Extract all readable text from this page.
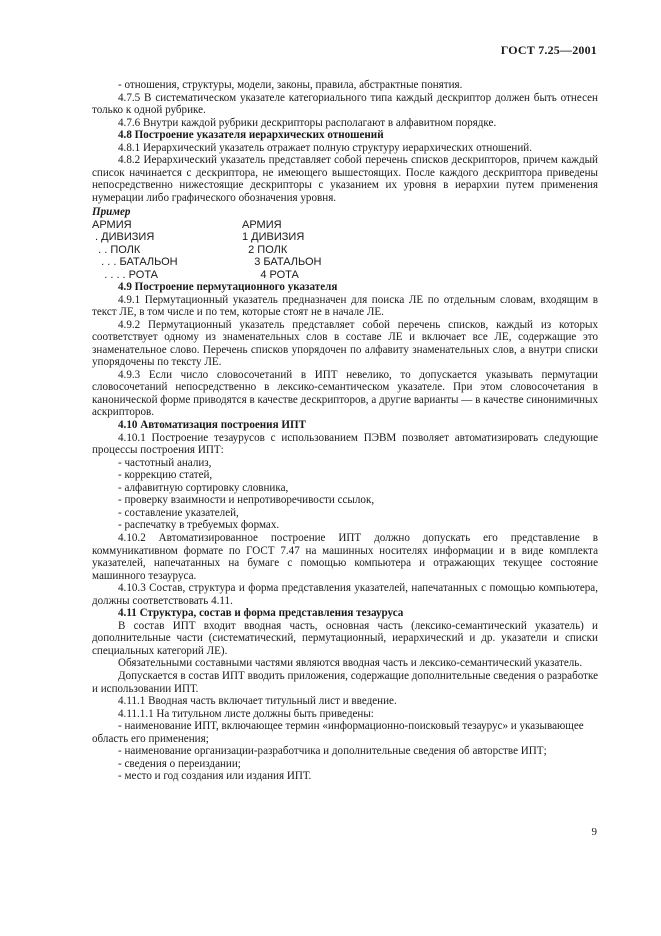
ГОСТ 7.25—2001

- отношения, структуры, модели, законы, правила, абстрактные понятия.

4.7.5 В систематическом указателе категориального типа каждый дескриптор должен быть отнесен только к одной рубрике.

4.7.6 Внутри каждой рубрики дескрипторы располагают в алфавитном порядке.

4.8 Построение указателя иерархических отношений

4.8.1 Иерархический указатель отражает полную структуру иерархических отношений.

4.8.2 Иерархический указатель представляет собой перечень списков дескрипторов, причем каждый список начинается с дескриптора, не имеющего вышестоящих. После каждого дескриптора приведены непосредственно нижестоящие дескрипторы с указанием их уровня в иерархии путем применения нумерации либо графического обозначения уровня.

Пример

АРМИЯ
. ДИВИЗИЯ
. . ПОЛК
. . . БАТАЛЬОН
. . . . РОТА
АРМИЯ
1 ДИВИЗИЯ
2 ПОЛК
3 БАТАЛЬОН
4 РОТА

4.9 Построение пермутационного указателя

4.9.1 Пермутационный указатель предназначен для поиска ЛЕ по отдельным словам, входящим в текст ЛЕ, в том числе и по тем, которые стоят не в начале ЛЕ.

4.9.2 Пермутационный указатель представляет собой перечень списков, каждый из которых соответствует одному из знаменательных слов в составе ЛЕ и включает все ЛЕ, содержащие это знаменательное слово. Перечень списков упорядочен по алфавиту знаменательных слов, а внутри списки упорядочены по тексту ЛЕ.

4.9.3 Если число словосочетаний в ИПТ невелико, то допускается указывать пермутации словосочетаний непосредственно в лексико-семантическом указателе. При этом словосочетания в канонической форме приводятся в качестве дескрипторов, а другие варианты — в качестве синонимичных аскрипторов.

4.10 Автоматизация построения ИПТ

4.10.1 Построение тезаурусов с использованием ПЭВМ позволяет автоматизировать следующие процессы построения ИПТ:

- частотный анализ,

- коррекцию статей,

- алфавитную сортировку словника,

- проверку взаимности и непротиворечивости ссылок,

- составление указателей,

- распечатку в требуемых формах.

4.10.2 Автоматизированное построение ИПТ должно допускать его представление в коммуникативном формате по ГОСТ 7.47 на машинных носителях информации и в виде комплекта указателей, напечатанных на бумаге с помощью компьютера и отражающих текущее состояние машинного тезауруса.

4.10.3 Состав, структура и форма представления указателей, напечатанных с помощью компьютера, должны соответствовать 4.11.

4.11 Структура, состав и форма представления тезауруса

В состав ИПТ входит вводная часть, основная часть (лексико-семантический указатель) и дополнительные части (систематический, пермутационный, иерархический и др. указатели и списки специальных категорий ЛЕ).

Обязательными составными частями являются вводная часть и лексико-семантический указатель.

Допускается в состав ИПТ вводить приложения, содержащие дополнительные сведения о разработке и использовании ИПТ.

4.11.1 Вводная часть включает титульный лист и введение.

4.11.1.1 На титульном листе должны быть приведены:

- наименование ИПТ, включающее термин «информационно-поисковый тезаурус» и указывающее область его применения;

- наименование организации-разработчика и дополнительные сведения об авторстве ИПТ;

- сведения о переиздании;

- место и год создания или издания ИПТ.

9
